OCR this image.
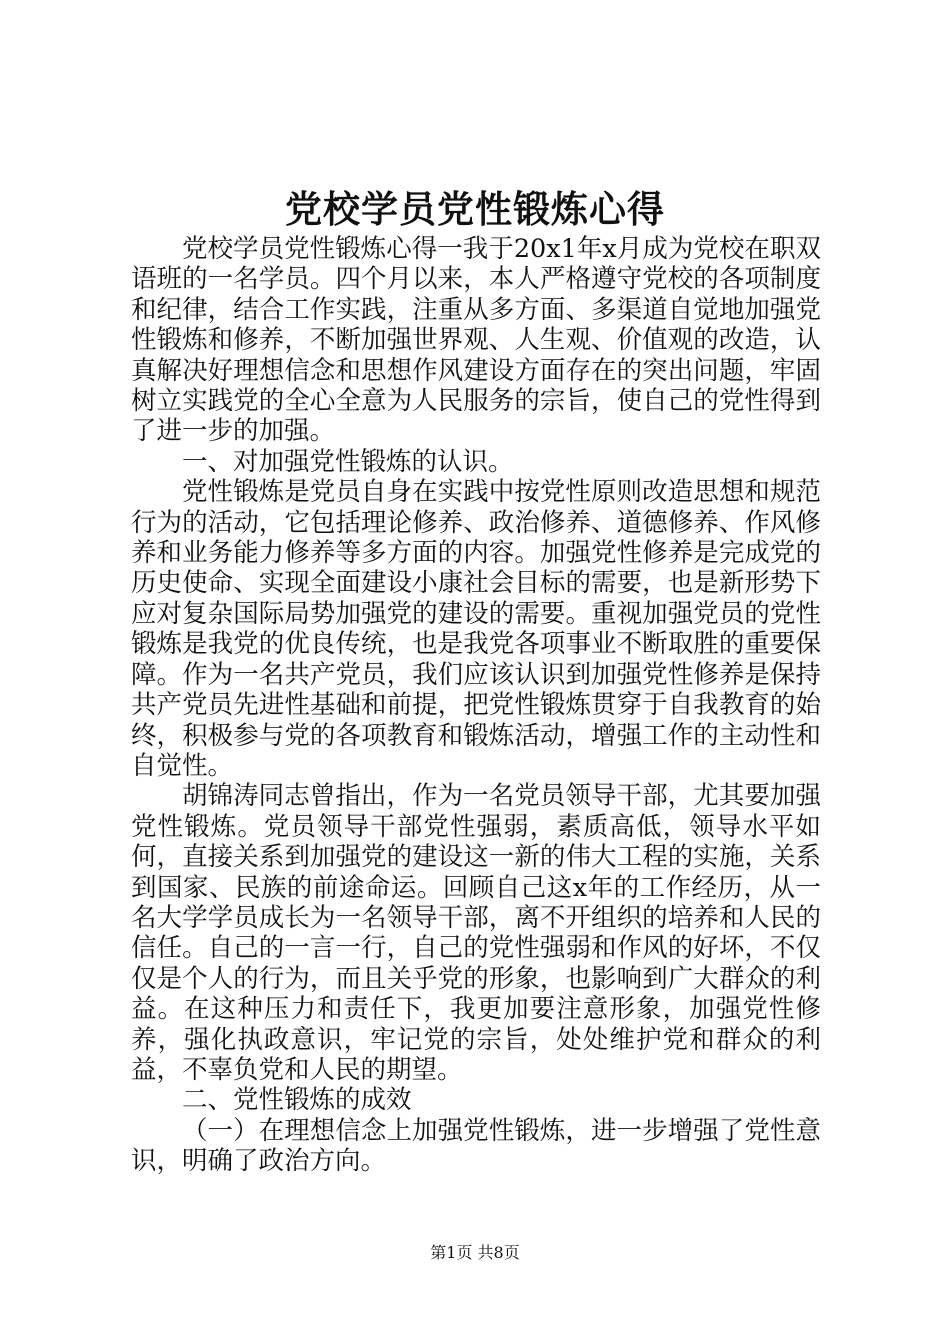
党校学员党性锻炼心得

党校学员党性锻炼心得一我于20x1年x月成为党校在职双语班的一名学员。四个月以来，本人严格遵守党校的各项制度和纪律，结合工作实践，注重从多方面、多渠道自觉地加强党性锻炼和修养，不断加强世界观、人生观、价值观的改造，认真解决好理想信念和思想作风建设方面存在的突出问题，牢固树立实践党的全心全意为人民服务的宗旨，使自己的党性得到了进一步的加强。

一、对加强党性锻炼的认识。

党性锻炼是党员自身在实践中按党性原则改造思想和规范行为的活动，它包括理论修养、政治修养、道德修养、作风修养和业务能力修养等多方面的内容。加强党性修养是完成党的历史使命、实现全面建设小康社会目标的需要，也是新形势下应对复杂国际局势加强党的建设的需要。重视加强党员的党性锻炼是我党的优良传统，也是我党各项事业不断取胜的重要保障。作为一名共产党员，我们应该认识到加强党性修养是保持共产党员先进性基础和前提，把党性锻炼贯穿于自我教育的始终，积极参与党的各项教育和锻炼活动，增强工作的主动性和自觉性。

胡锦涛同志曾指出，作为一名党员领导干部，尤其要加强党性锻炼。党员领导干部党性强弱，素质高低，领导水平如何，直接关系到加强党的建设这一新的伟大工程的实施，关系到国家、民族的前途命运。回顾自己这x年的工作经历，从一名大学学员成长为一名领导干部，离不开组织的培养和人民的信任。自己的一言一行，自己的党性强弱和作风的好坏，不仅仅是个人的行为，而且关乎党的形象，也影响到广大群众的利益。在这种压力和责任下，我更加要注意形象，加强党性修养，强化执政意识，牢记党的宗旨，处处维护党和群众的利益，不辜负党和人民的期望。

二、党性锻炼的成效

（一）在理想信念上加强党性锻炼，进一步增强了党性意识，明确了政治方向。

第1页 共8页
